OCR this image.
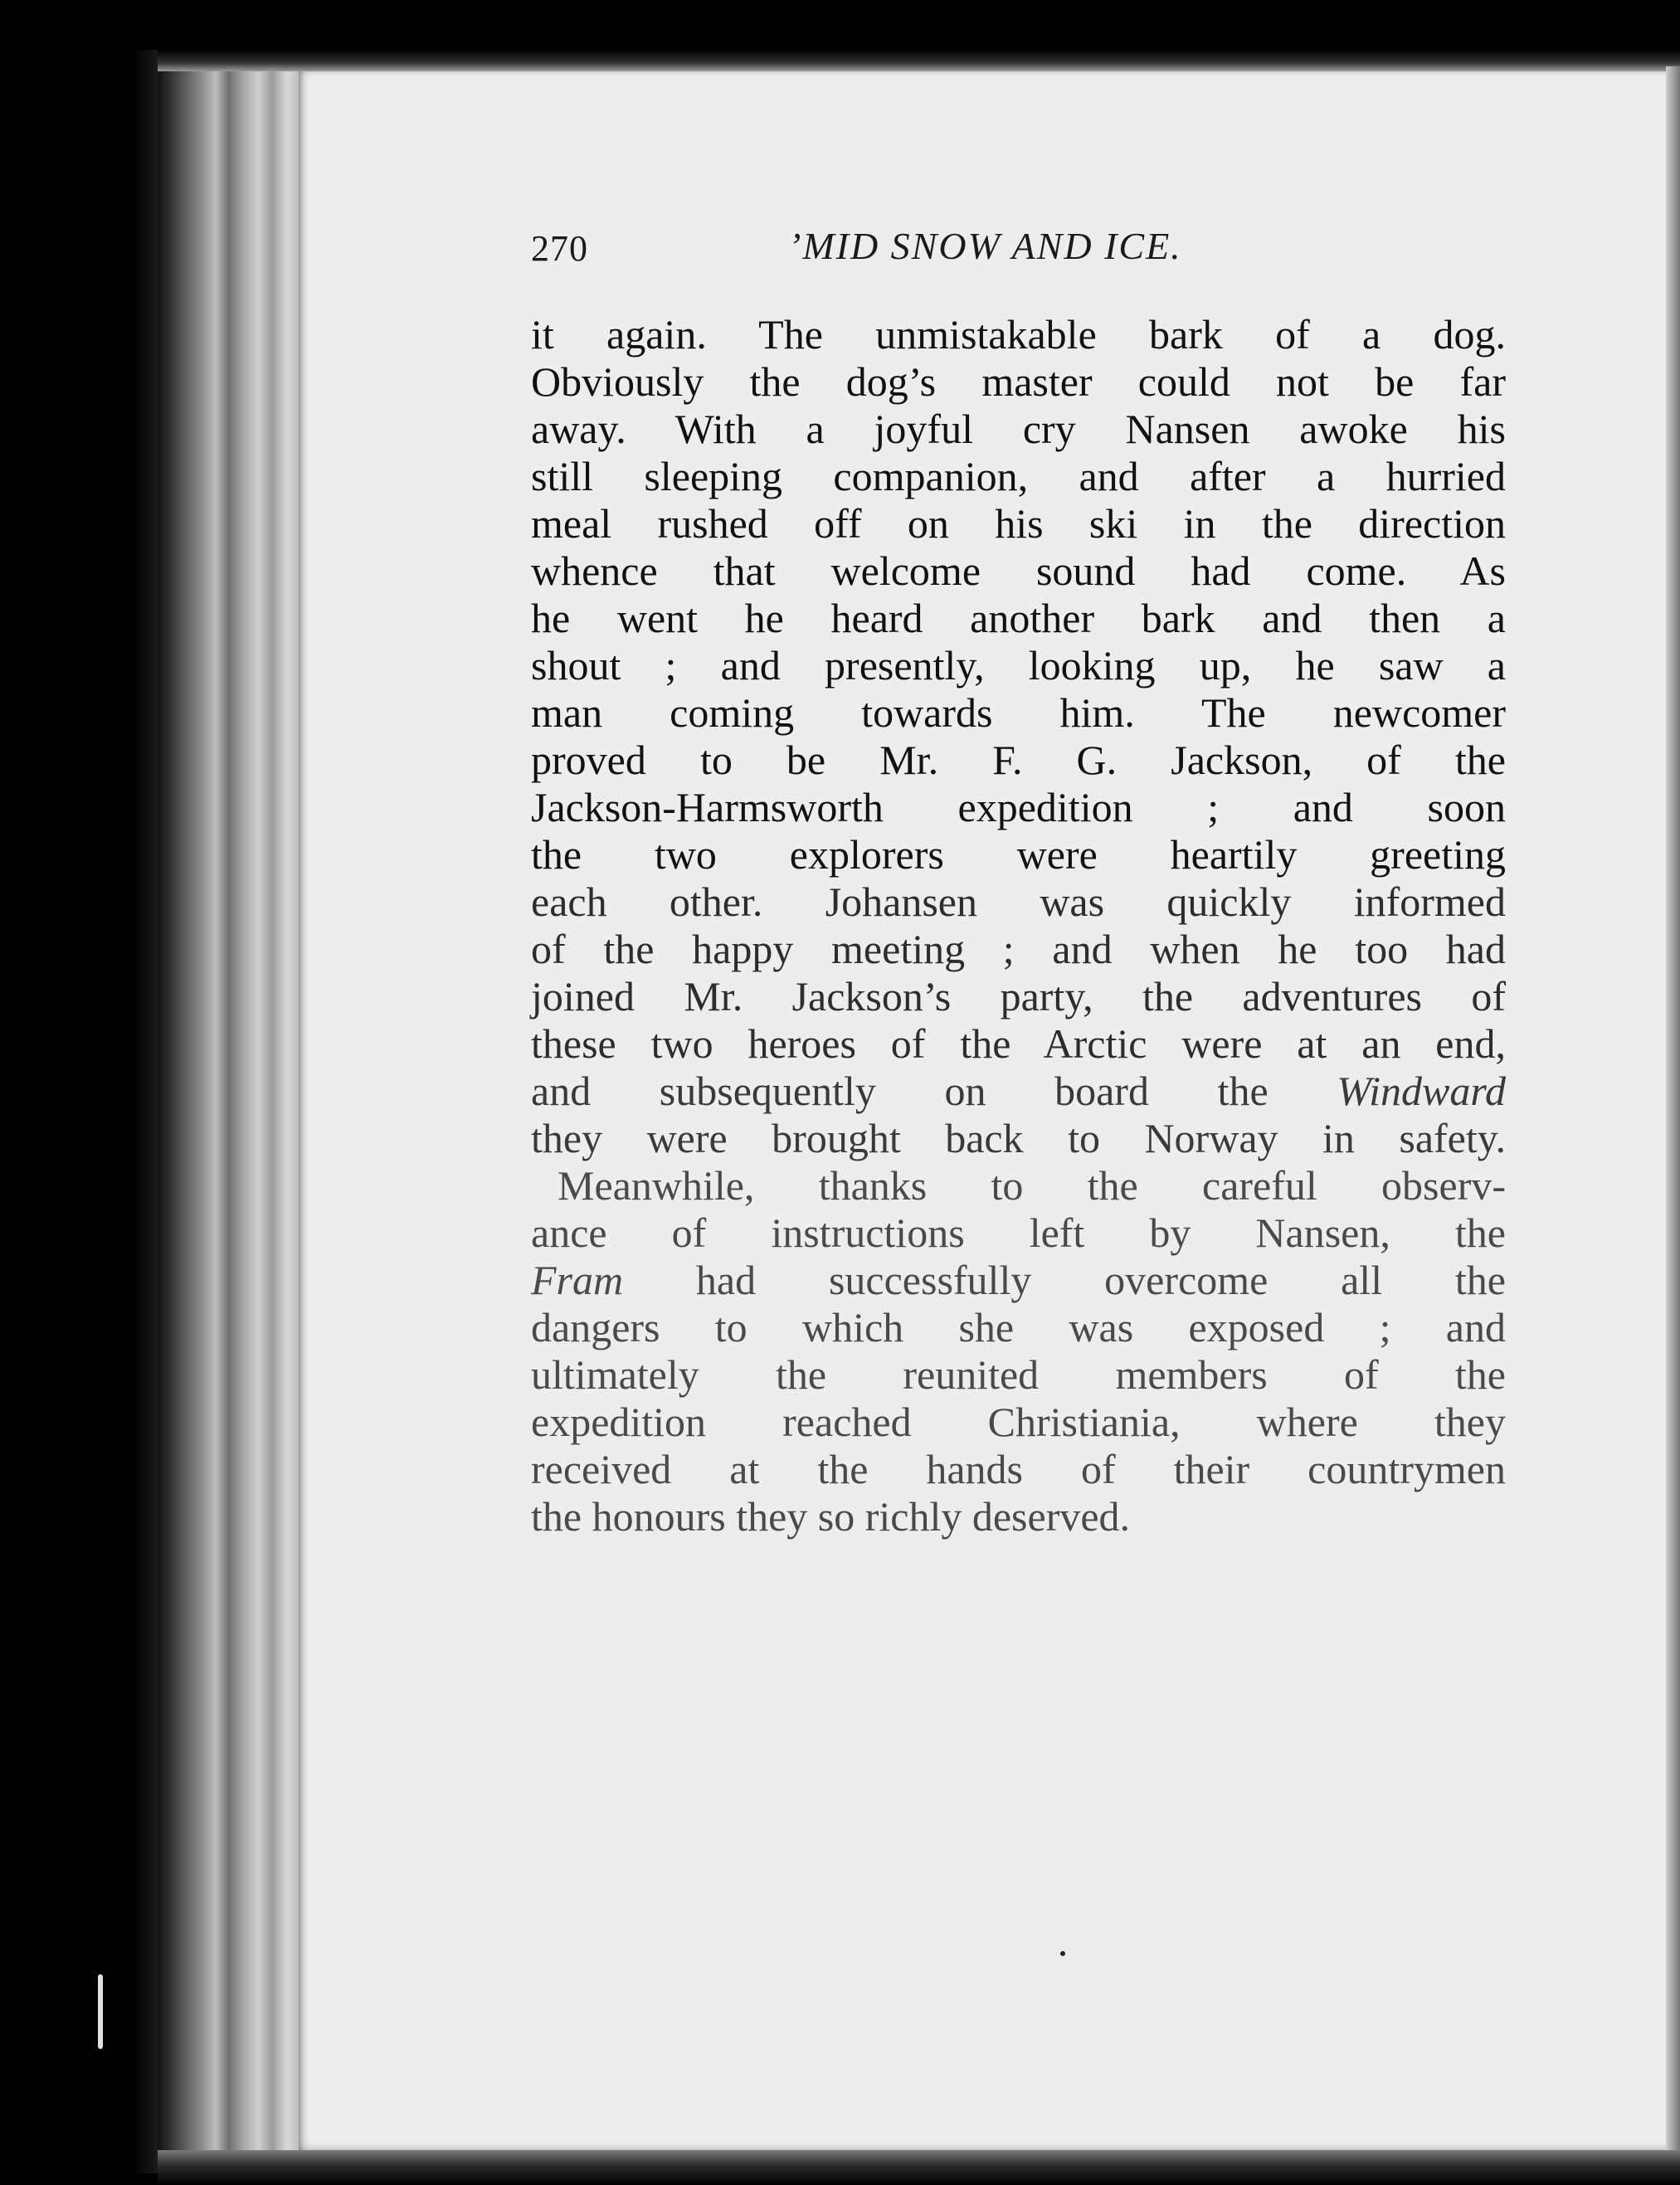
270	’MID SNOW AND ICE.
it again. The unmistakable bark of a dog.
Obviously the dog’s master could not be far
away. With a joyful cry Nansen awoke his
still sleeping companion, and after a hurried
meal rushed off on his ski in the direction
whence that welcome sound had come. As
he went he heard another bark and then a
shout ; and presently, looking up, he saw a
man coming towards him. The newcomer
proved to be Mr. F. G. Jackson, of the
Jackson-Harmsworth expedition ; and soon
the two explorers were heartily greeting
each other. Johansen was quickly informed
of the happy meeting ; and when he too had
joined Mr. Jackson’s party, the adventures of
these two heroes of the Arctic were at an end,
and subsequently on board the Windward
they were brought back to Norway in safety.
Meanwhile, thanks to the careful observ-
ance of instructions left by Nansen, the
Fram had successfully overcome all the
dangers to which she was exposed ; and
ultimately the reunited members of the
expedition reached Christiania, where they
received at the hands of their countrymen
the honours they so richly deserved.
